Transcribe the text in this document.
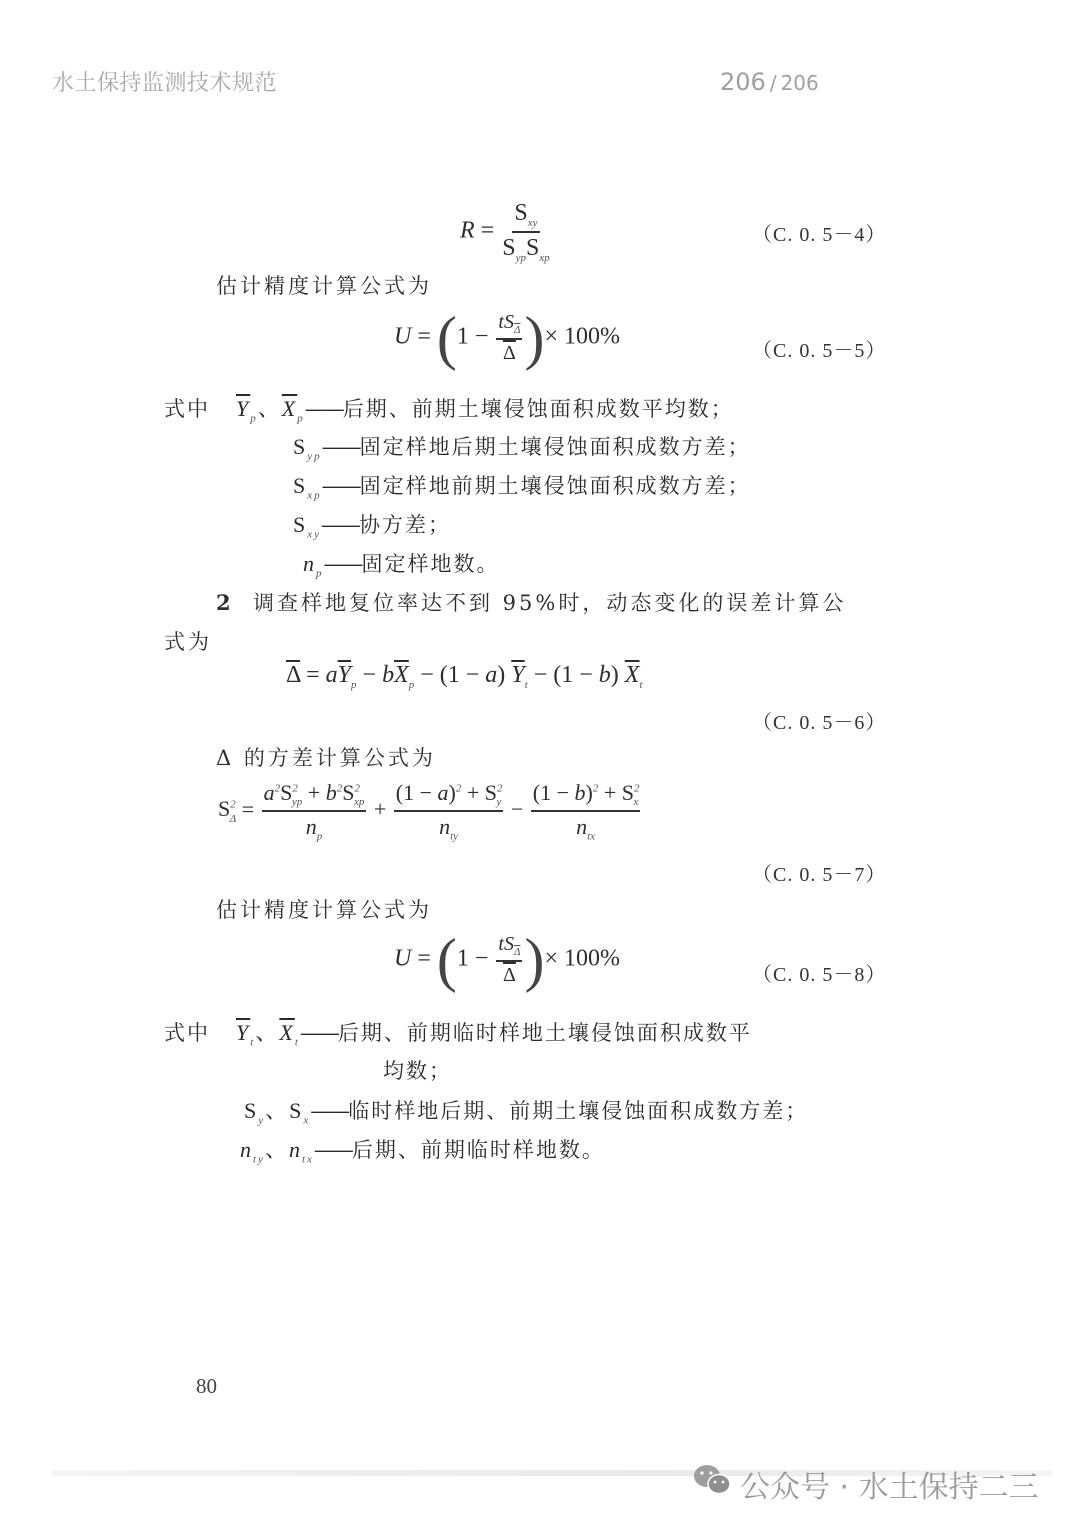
水土保持监测技术规范	206 / 206
$R = \frac{S_{xy}}{S_{yp}S_{xp}}$	（C. 0. 5－4）
估计精度计算公式为
$U = (1 - \frac{tS_{\overline{\Delta}}}{\Delta}$ )× 100%
（C. 0. 5－5）
式中 $\overline{Y}_p$、$\overline{X}_p——$后期、前期土壤侵蚀面积成数平均数；
$S_{yp}——$固定样地后期土壤侵蚀面积成数方差；
$S_{xp}——$固定样地前期土壤侵蚀面积成数方差；
$S_{xy}——$协方差；
$n_p——$固定样地数。
2 调查样地复位率达不到 95%时，动态变化的误差计算公
式为
$\overline{\Delta} = a\overline{Y}_p - b\overline{X}_p - (1 - a) \overline{Y}_t - (1 - b)$ $\overline{X}_t$
（C. 0. 5－6）
Δ 的方差计算公式为
$S^2_\Delta = \frac{a^2S^2_{yp} + b^2S^2_{xp}}{n_p} + \frac{(1 - a)^2 + S^2_y}{n_{ty}} - \frac{(1 - b)^2 + S^2_x}{n_{tx}}$
（C. 0. 5－7）
估计精度计算公式为
$U = (1 - \frac{tS_{\overline{\Delta}}}{\Delta}$ )× 100%
（C. 0. 5－8）
式中 $\overline{Y}_t$、$\overline{X}_t——$后期、前期临时样地土壤侵蚀面积成数平
均数；
$S_y$、$S_x——$临时样地后期、前期土壤侵蚀面积成数方差；
$n_{ty}$、$n_{tx}——$后期、前期临时样地数。
80
公众号 · 水土保持二三
